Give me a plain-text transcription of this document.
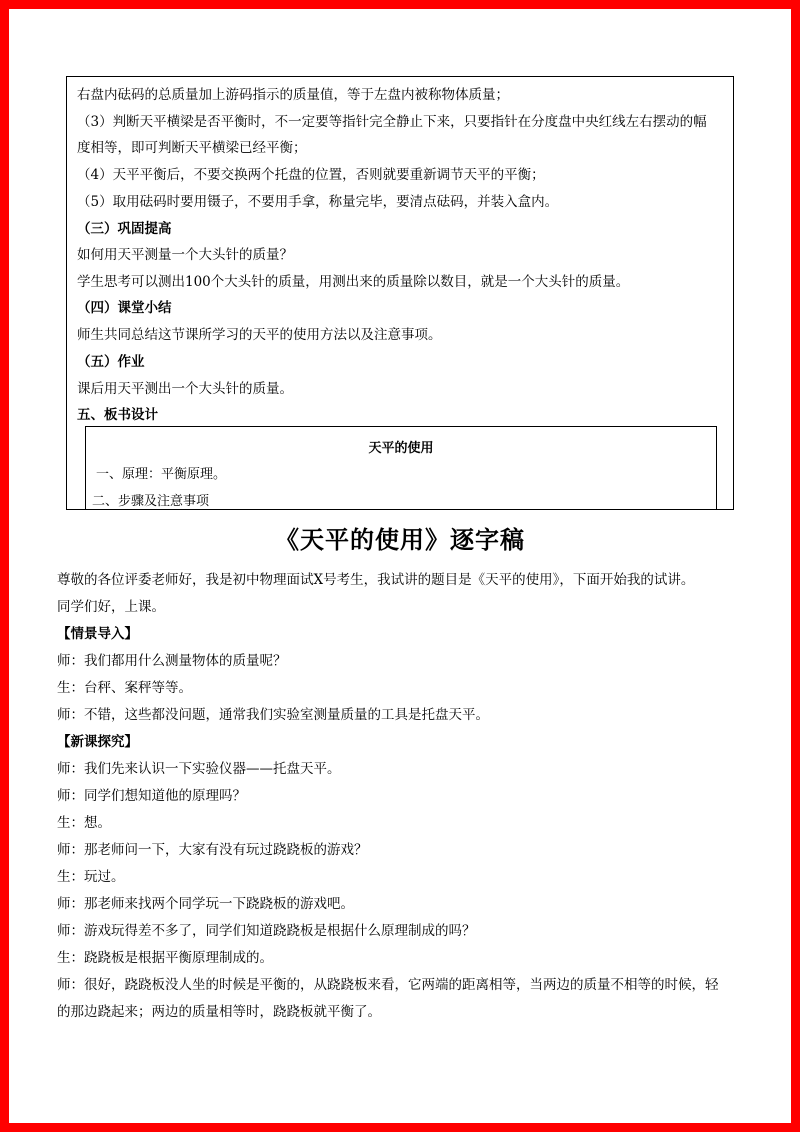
右盘内砝码的总质量加上游码指示的质量值，等于左盘内被称物体质量；
（3）判断天平横梁是否平衡时，不一定要等指针完全静止下来，只要指针在分度盘中央红线左右摆动的幅
度相等，即可判断天平横梁已经平衡；
（4）天平平衡后，不要交换两个托盘的位置，否则就要重新调节天平的平衡；
（5）取用砝码时要用镊子，不要用手拿，称量完毕，要清点砝码，并装入盒内。
（三）巩固提高
如何用天平测量一个大头针的质量？
学生思考可以测出100个大头针的质量，用测出来的质量除以数目，就是一个大头针的质量。
（四）课堂小结
师生共同总结这节课所学习的天平的使用方法以及注意事项。
（五）作业
课后用天平测出一个大头针的质量。
五、板书设计
天平的使用
一、原理：平衡原理。
二、步骤及注意事项
《天平的使用》逐字稿
尊敬的各位评委老师好，我是初中物理面试X号考生，我试讲的题目是《天平的使用》，下面开始我的试讲。
同学们好，上课。
【情景导入】
师：我们都用什么测量物体的质量呢？
生：台秤、案秤等等。
师：不错，这些都没问题，通常我们实验室测量质量的工具是托盘天平。
【新课探究】
师：我们先来认识一下实验仪器——托盘天平。
师：同学们想知道他的原理吗？
生：想。
师：那老师问一下，大家有没有玩过跷跷板的游戏？
生：玩过。
师：那老师来找两个同学玩一下跷跷板的游戏吧。
师：游戏玩得差不多了，同学们知道跷跷板是根据什么原理制成的吗？
生：跷跷板是根据平衡原理制成的。
师：很好，跷跷板没人坐的时候是平衡的，从跷跷板来看，它两端的距离相等，当两边的质量不相等的时候，轻
的那边跷起来；两边的质量相等时，跷跷板就平衡了。
